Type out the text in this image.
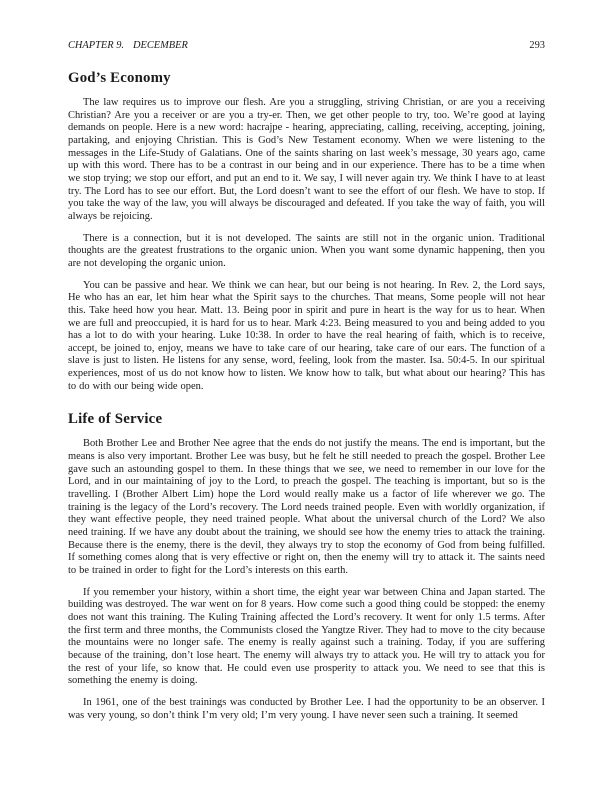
CHAPTER 9. DECEMBER	293
God’s Economy

The law requires us to improve our flesh. Are you a struggling, striving Christian, or are you a receiving Christian? Are you a receiver or are you a try-er. Then, we get other people to try, too. We’re good at laying demands on people. Here is a new word: hacrajpe - hearing, appreciating, calling, receiving, accepting, joining, partaking, and enjoying Christian. This is God’s New Testament economy. When we were listening to the messages in the Life-Study of Galatians. One of the saints sharing on last week’s message, 30 years ago, came up with this word. There has to be a contrast in our being and in our experience. There has to be a time when we stop trying; we stop our effort, and put an end to it. We say, I will never again try. We think I have to at least try. The Lord has to see our effort. But, the Lord doesn’t want to see the effort of our flesh. We have to stop. If you take the way of the law, you will always be discouraged and defeated. If you take the way of faith, you will always be rejoicing.

There is a connection, but it is not developed. The saints are still not in the organic union. Traditional thoughts are the greatest frustrations to the organic union. When you want some dynamic happening, then you are not developing the organic union.

You can be passive and hear. We think we can hear, but our being is not hearing. In Rev. 2, the Lord says, He who has an ear, let him hear what the Spirit says to the churches. That means, Some people will not hear this. Take heed how you hear. Matt. 13. Being poor in spirit and pure in heart is the way for us to hear. When we are full and preoccupied, it is hard for us to hear. Mark 4:23. Being measured to you and being added to you has a lot to do with your hearing. Luke 10:38. In order to have the real hearing of faith, which is to receive, accept, be joined to, enjoy, means we have to take care of our hearing, take care of our ears. The function of a slave is just to listen. He listens for any sense, word, feeling, look from the master. Isa. 50:4-5. In our spiritual experiences, most of us do not know how to listen. We know how to talk, but what about our hearing? This has to do with our being wide open.

Life of Service

Both Brother Lee and Brother Nee agree that the ends do not justify the means. The end is important, but the means is also very important. Brother Lee was busy, but he felt he still needed to preach the gospel. Brother Lee gave such an astounding gospel to them. In these things that we see, we need to remember in our love for the Lord, and in our maintaining of joy to the Lord, to preach the gospel. The teaching is important, but so is the travelling. I (Brother Albert Lim) hope the Lord would really make us a factor of life wherever we go. The training is the legacy of the Lord’s recovery. The Lord needs trained people. Even with worldly organization, if they want effective people, they need trained people. What about the universal church of the Lord? We also need training. If we have any doubt about the training, we should see how the enemy tries to attack the training. Because there is the enemy, there is the devil, they always try to stop the economy of God from being fulfilled. If something comes along that is very effective or right on, then the enemy will try to attack it. The saints need to be trained in order to fight for the Lord’s interests on this earth.

If you remember your history, within a short time, the eight year war between China and Japan started. The building was destroyed. The war went on for 8 years. How come such a good thing could be stopped: the enemy does not want this training. The Kuling Training affected the Lord’s recovery. It went for only 1.5 terms. After the first term and three months, the Communists closed the Yangtze River. They had to move to the city because the mountains were no longer safe. The enemy is really against such a training. Today, if you are suffering because of the training, don’t lose heart. The enemy will always try to attack you. He will try to attack you for the rest of your life, so know that. He could even use prosperity to attack you. We need to see that this is something the enemy is doing.

In 1961, one of the best trainings was conducted by Brother Lee. I had the opportunity to be an observer. I was very young, so don’t think I’m very old; I’m very young. I have never seen such a training. It seemed
